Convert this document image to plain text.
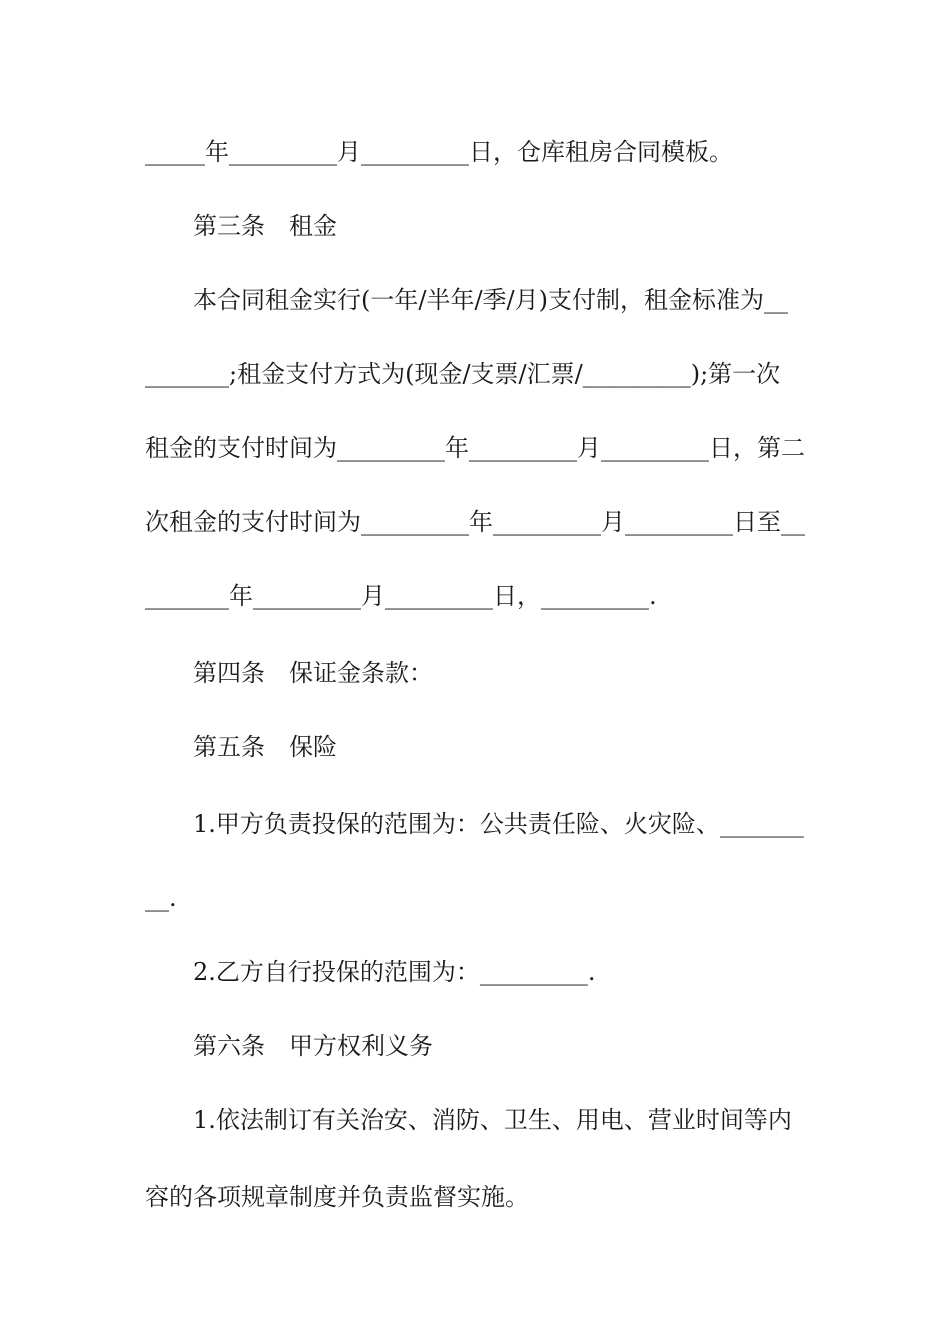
_____年_________月_________日，仓库租房合同模板。
第三条　租金
本合同租金实行(一年/半年/季/月)支付制，租金标准为__
_______;租金支付方式为(现金/支票/汇票/_________);第一次
租金的支付时间为_________年_________月_________日，第二
次租金的支付时间为_________年_________月_________日至__
_______年_________月_________日，_________.
第四条　保证金条款：
第五条　保险
1.甲方负责投保的范围为：公共责任险、火灾险、_______
__.
2.乙方自行投保的范围为：_________.
第六条　甲方权利义务
1.依法制订有关治安、消防、卫生、用电、营业时间等内
容的各项规章制度并负责监督实施。
